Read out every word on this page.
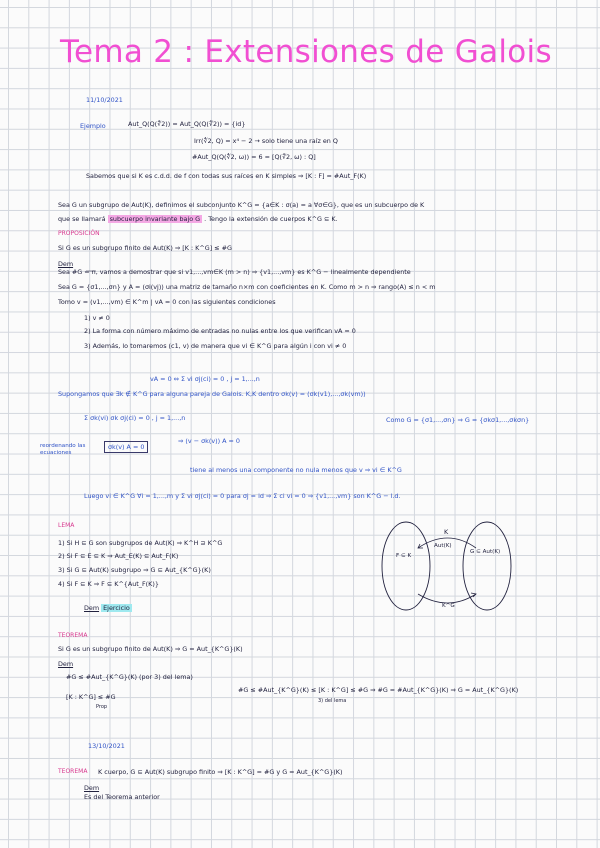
Tema 2 : Extensiones de Galois
11/10/2021
Ejemplo	Aut_Q(Q(∜2)) = Aut_Q(Q(∜2)) = {id}
Irr(∜2, Q) = x⁴ − 2 → solo tiene una raíz en Q
#Aut_Q(Q(∜2, ω)) = 6 = [Q(∜2, ω) : Q]
Sabemos que si K es c.d.d. de f con todas sus raíces en K simples ⇒ [K : F] = #Aut_F(K)
Sea G un subgrupo de Aut(K), definimos el subconjunto K^G = {a∈K : σ(a) = a ∀σ∈G}, que es un subcuerpo de K
que se llamará subcuerpo invariante bajo G . Tengo la extensión de cuerpos K^G ⊆ K.
PROPOSICIÓN
Si G es un subgrupo finito de Aut(K) ⇒ [K : K^G] ≤ #G
Dem
Sea #G = n, vamos a demostrar que si v1,...,vm∈K (m > n) ⇒ {v1,...,vm} es K^G − linealmente dependiente
Sea G = {σ1,...,σn} y A = (σi(vj)) una matriz de tamaño n×m con coeficientes en K. Como m > n ⇒ rango(A) ≤ n < m
Tomo v = (v1,...,vm) ∈ K^m | vA = 0 con las siguientes condiciones
1) v ≠ 0
2) La forma con número máximo de entradas no nulas entre los que verifican vA = 0
3) Además, lo tomaremos (c1, v) de manera que vi ∈ K^G para algún i con vi ≠ 0
vA = 0 ⇔ Σ vi σj(ci) = 0 , j = 1,...,n
Supongamos que ∃k ∉ K^G para alguna pareja de Galois. K,K dentro σk(v) = (σk(v1),...,σk(vm))
Σ σk(vi) σk σj(ci) = 0 , j = 1,...,n
reordenando las ecuaciones
σk(v) A = 0
Como G = {σ1,...,σn} ⇒ G = {σkσ1,...,σkσn}
⇒ (v − σk(v)) A = 0
tiene al menos una componente no nula menos que v ⇒ vi ∈ K^G
Luego vi ∈ K^G ∀i = 1,...,m y Σ vi σj(ci) = 0 para σj = id ⇒ Σ ci vi = 0 ⇒ {v1,...,vm} son K^G − l.d.
LEMA
1) Si H ⊆ G son subgrupos de Aut(K) ⇒ K^H ⊇ K^G
2) Si F ⊆ E ⊆ K ⇒ Aut_E(K) ⊆ Aut_F(K)
3) Si G ⊆ Aut(K) subgrupo ⇒ G ⊆ Aut_{K^G}(K)
4) Si F ⊆ K ⇒ F ⊆ K^{Aut_F(K)}
Dem Ejercicio
K
Aut(K)
F ⊆ K
G ⊆ Aut(K)
K^G
TEOREMA
Si G es un subgrupo finito de Aut(K) ⇒ G = Aut_{K^G}(K)
Dem
#G ≤ #Aut_{K^G}(K) (por 3) del lema)
[K : K^G] ≤ #G
Prop
#G ≤ #Aut_{K^G}(K) ≤ [K : K^G] ≤ #G ⇒ #G = #Aut_{K^G}(K) ⇒ G = Aut_{K^G}(K)
3) del lema
13/10/2021
TEOREMA K cuerpo, G ⊆ Aut(K) subgrupo finito ⇒ [K : K^G] = #G y G = Aut_{K^G}(K)
Dem
Es del Teorema anterior
